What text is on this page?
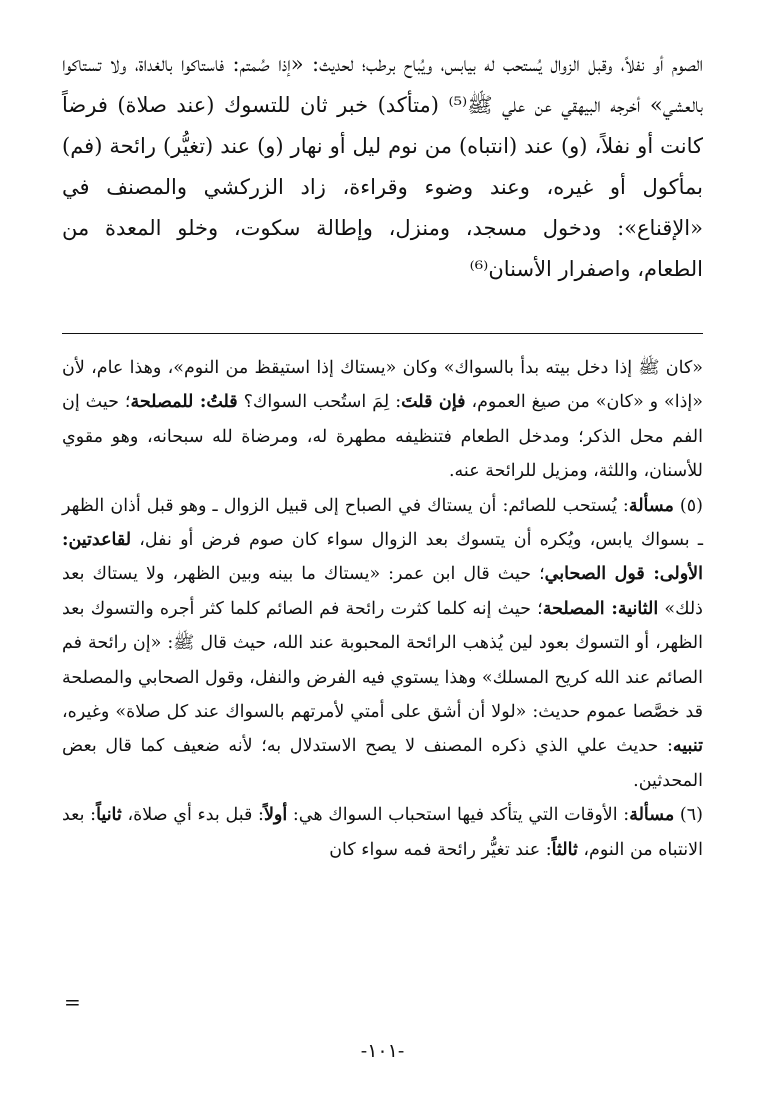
الصوم أو نفلاً، وقبل الزوال يُستحب له بيابس، ويُباح برطب؛ لحديث: «إذا صُمتم: فاستاكوا بالغداة، ولا تستاكوا بالعشي» أخرجه البيهقي عن علي ﷺ⁽⁵⁾ (متأكد) خبر ثان للتسوك (عند صلاة) فرضاً كانت أو نفلاً، (و) عند (انتباه) من نوم ليل أو نهار (و) عند (تغيُّر) رائحة (فم) بمأكول أو غيره، وعند وضوء وقراءة، زاد الزركشي والمصنف في «الإقناع»: ودخول مسجد، ومنزل، وإطالة سكوت، وخلو المعدة من الطعام، واصفرار الأسنان⁽⁶⁾

«كان ﷺ إذا دخل بيته بدأ بالسواك» وكان «يستاك إذا استيقظ من النوم»، وهذا عام، لأن «إذا» و «كان» من صيغ العموم، فإن قلتَ: لِمَ استُحب السواك؟ قلتُ: للمصلحة؛ حيث إن الفم محل الذكر؛ ومدخل الطعام فتنظيفه مطهرة له، ومرضاة لله سبحانه، وهو مقوي للأسنان، واللثة، ومزيل للرائحة عنه.

(٥) مسألة: يُستحب للصائم: أن يستاك في الصباح إلى قبيل الزوال ـ وهو قبل أذان الظهر ـ بسواك يابس، ويُكره أن يتسوك بعد الزوال سواء كان صوم فرض أو نفل، لقاعدتين: الأولى: قول الصحابي؛ حيث قال ابن عمر: «يستاك ما بينه وبين الظهر، ولا يستاك بعد ذلك» الثانية: المصلحة؛ حيث إنه كلما كثرت رائحة فم الصائم كلما كثر أجره والتسوك بعد الظهر، أو التسوك بعود لين يُذهب الرائحة المحبوبة عند الله، حيث قال ﷺ: «إن رائحة فم الصائم عند الله كريح المسلك» وهذا يستوي فيه الفرض والنفل، وقول الصحابي والمصلحة قد خصَّصا عموم حديث: «لولا أن أشق على أمتي لأمرتهم بالسواك عند كل صلاة» وغيره، تنبيه: حديث علي الذي ذكره المصنف لا يصح الاستدلال به؛ لأنه ضعيف كما قال بعض المحدثين.

(٦) مسألة: الأوقات التي يتأكد فيها استحباب السواك هي: أولاً: قبل بدء أي صلاة، ثانياً: بعد الانتباه من النوم، ثالثاً: عند تغيُّر رائحة فمه سواء كان

=
-١٠١-
